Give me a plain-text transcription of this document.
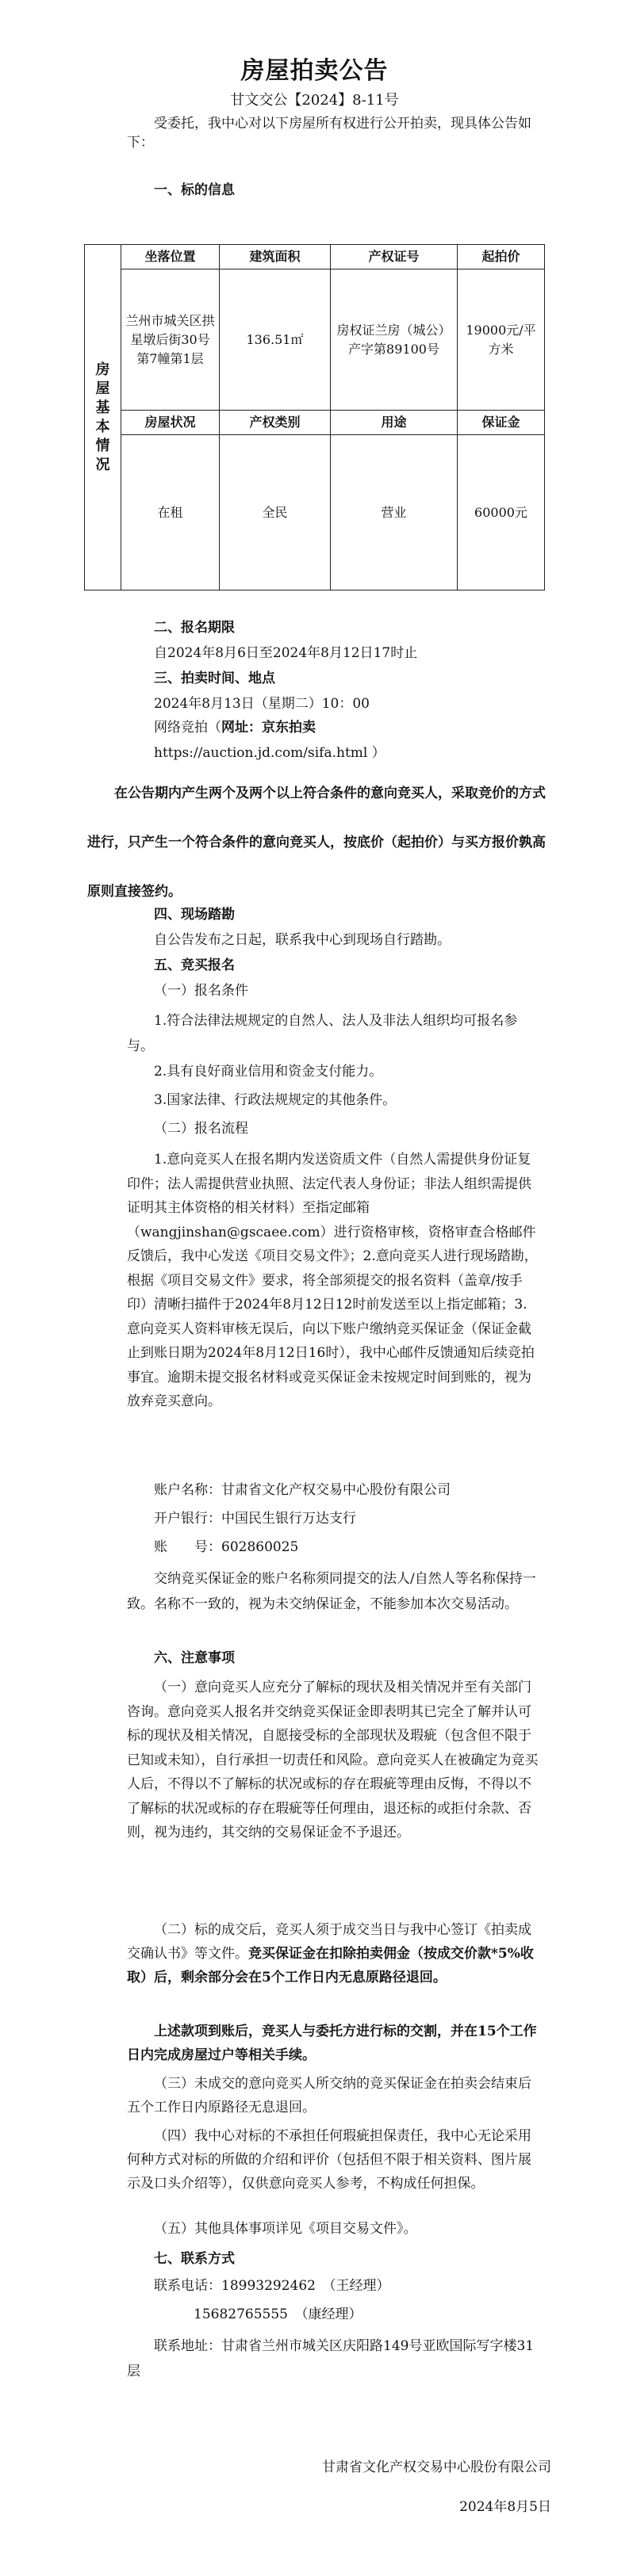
房屋拍卖公告
甘文交公【2024】8-11号
受委托，我中心对以下房屋所有权进行公开拍卖，现具体公告如下：
一、标的信息
房屋基本情况	坐落位置	建筑面积	产权证号	起拍价
	兰州市城关区拱星墩后街30号第7幢第1层	136.51㎡	房权证兰房（城公）产字第89100号	19000元/平方米
	房屋状况	产权类别	用途	保证金
	在租	全民	营业	60000元
二、报名期限
自2024年8月6日至2024年8月12日17时止
三、拍卖时间、地点
2024年8月13日（星期二）10：00
网络竞拍（网址：京东拍卖
https://auction.jd.com/sifa.html ）
在公告期内产生两个及两个以上符合条件的意向竞买人，采取竞价的方式进行，只产生一个符合条件的意向竞买人，按底价（起拍价）与买方报价孰高原则直接签约。
四、现场踏勘
自公告发布之日起，联系我中心到现场自行踏勘。
五、竞买报名
（一）报名条件
1.符合法律法规规定的自然人、法人及非法人组织均可报名参与。
2.具有良好商业信用和资金支付能力。
3.国家法律、行政法规规定的其他条件。
（二）报名流程
1.意向竞买人在报名期内发送资质文件（自然人需提供身份证复印件；法人需提供营业执照、法定代表人身份证；非法人组织需提供证明其主体资格的相关材料）至指定邮箱（wangjinshan@gscaee.com）进行资格审核，资格审查合格邮件反馈后，我中心发送《项目交易文件》；2.意向竞买人进行现场踏勘，根据《项目交易文件》要求，将全部须提交的报名资料（盖章/按手印）清晰扫描件于2024年8月12日12时前发送至以上指定邮箱；3.意向竞买人资料审核无误后，向以下账户缴纳竞买保证金（保证金截止到账日期为2024年8月12日16时），我中心邮件反馈通知后续竞拍事宜。逾期未提交报名材料或竞买保证金未按规定时间到账的，视为放弃竞买意向。
账户名称：甘肃省文化产权交易中心股份有限公司
开户银行：中国民生银行万达支行
账　　号：602860025
交纳竞买保证金的账户名称须同提交的法人/自然人等名称保持一致。名称不一致的，视为未交纳保证金，不能参加本次交易活动。
六、注意事项
（一）意向竞买人应充分了解标的现状及相关情况并至有关部门咨询。意向竞买人报名并交纳竞买保证金即表明其已完全了解并认可标的现状及相关情况，自愿接受标的全部现状及瑕疵（包含但不限于已知或未知），自行承担一切责任和风险。意向竞买人在被确定为竞买人后，不得以不了解标的状况或标的存在瑕疵等理由反悔，不得以不了解标的状况或标的存在瑕疵等任何理由，退还标的或拒付余款、否则，视为违约，其交纳的交易保证金不予退还。
（二）标的成交后，竞买人须于成交当日与我中心签订《拍卖成交确认书》等文件。竞买保证金在扣除拍卖佣金（按成交价款*5%收取）后，剩余部分会在5个工作日内无息原路径退回。
上述款项到账后，竞买人与委托方进行标的交割，并在15个工作日内完成房屋过户等相关手续。
（三）未成交的意向竞买人所交纳的竞买保证金在拍卖会结束后五个工作日内原路径无息退回。
（四）我中心对标的不承担任何瑕疵担保责任，我中心无论采用何种方式对标的所做的介绍和评价（包括但不限于相关资料、图片展示及口头介绍等），仅供意向竞买人参考，不构成任何担保。
（五）其他具体事项详见《项目交易文件》。
七、联系方式
联系电话：18993292462　（王经理）
15682765555　（康经理）
联系地址：甘肃省兰州市城关区庆阳路149号亚欧国际写字楼31层
甘肃省文化产权交易中心股份有限公司
2024年8月5日
